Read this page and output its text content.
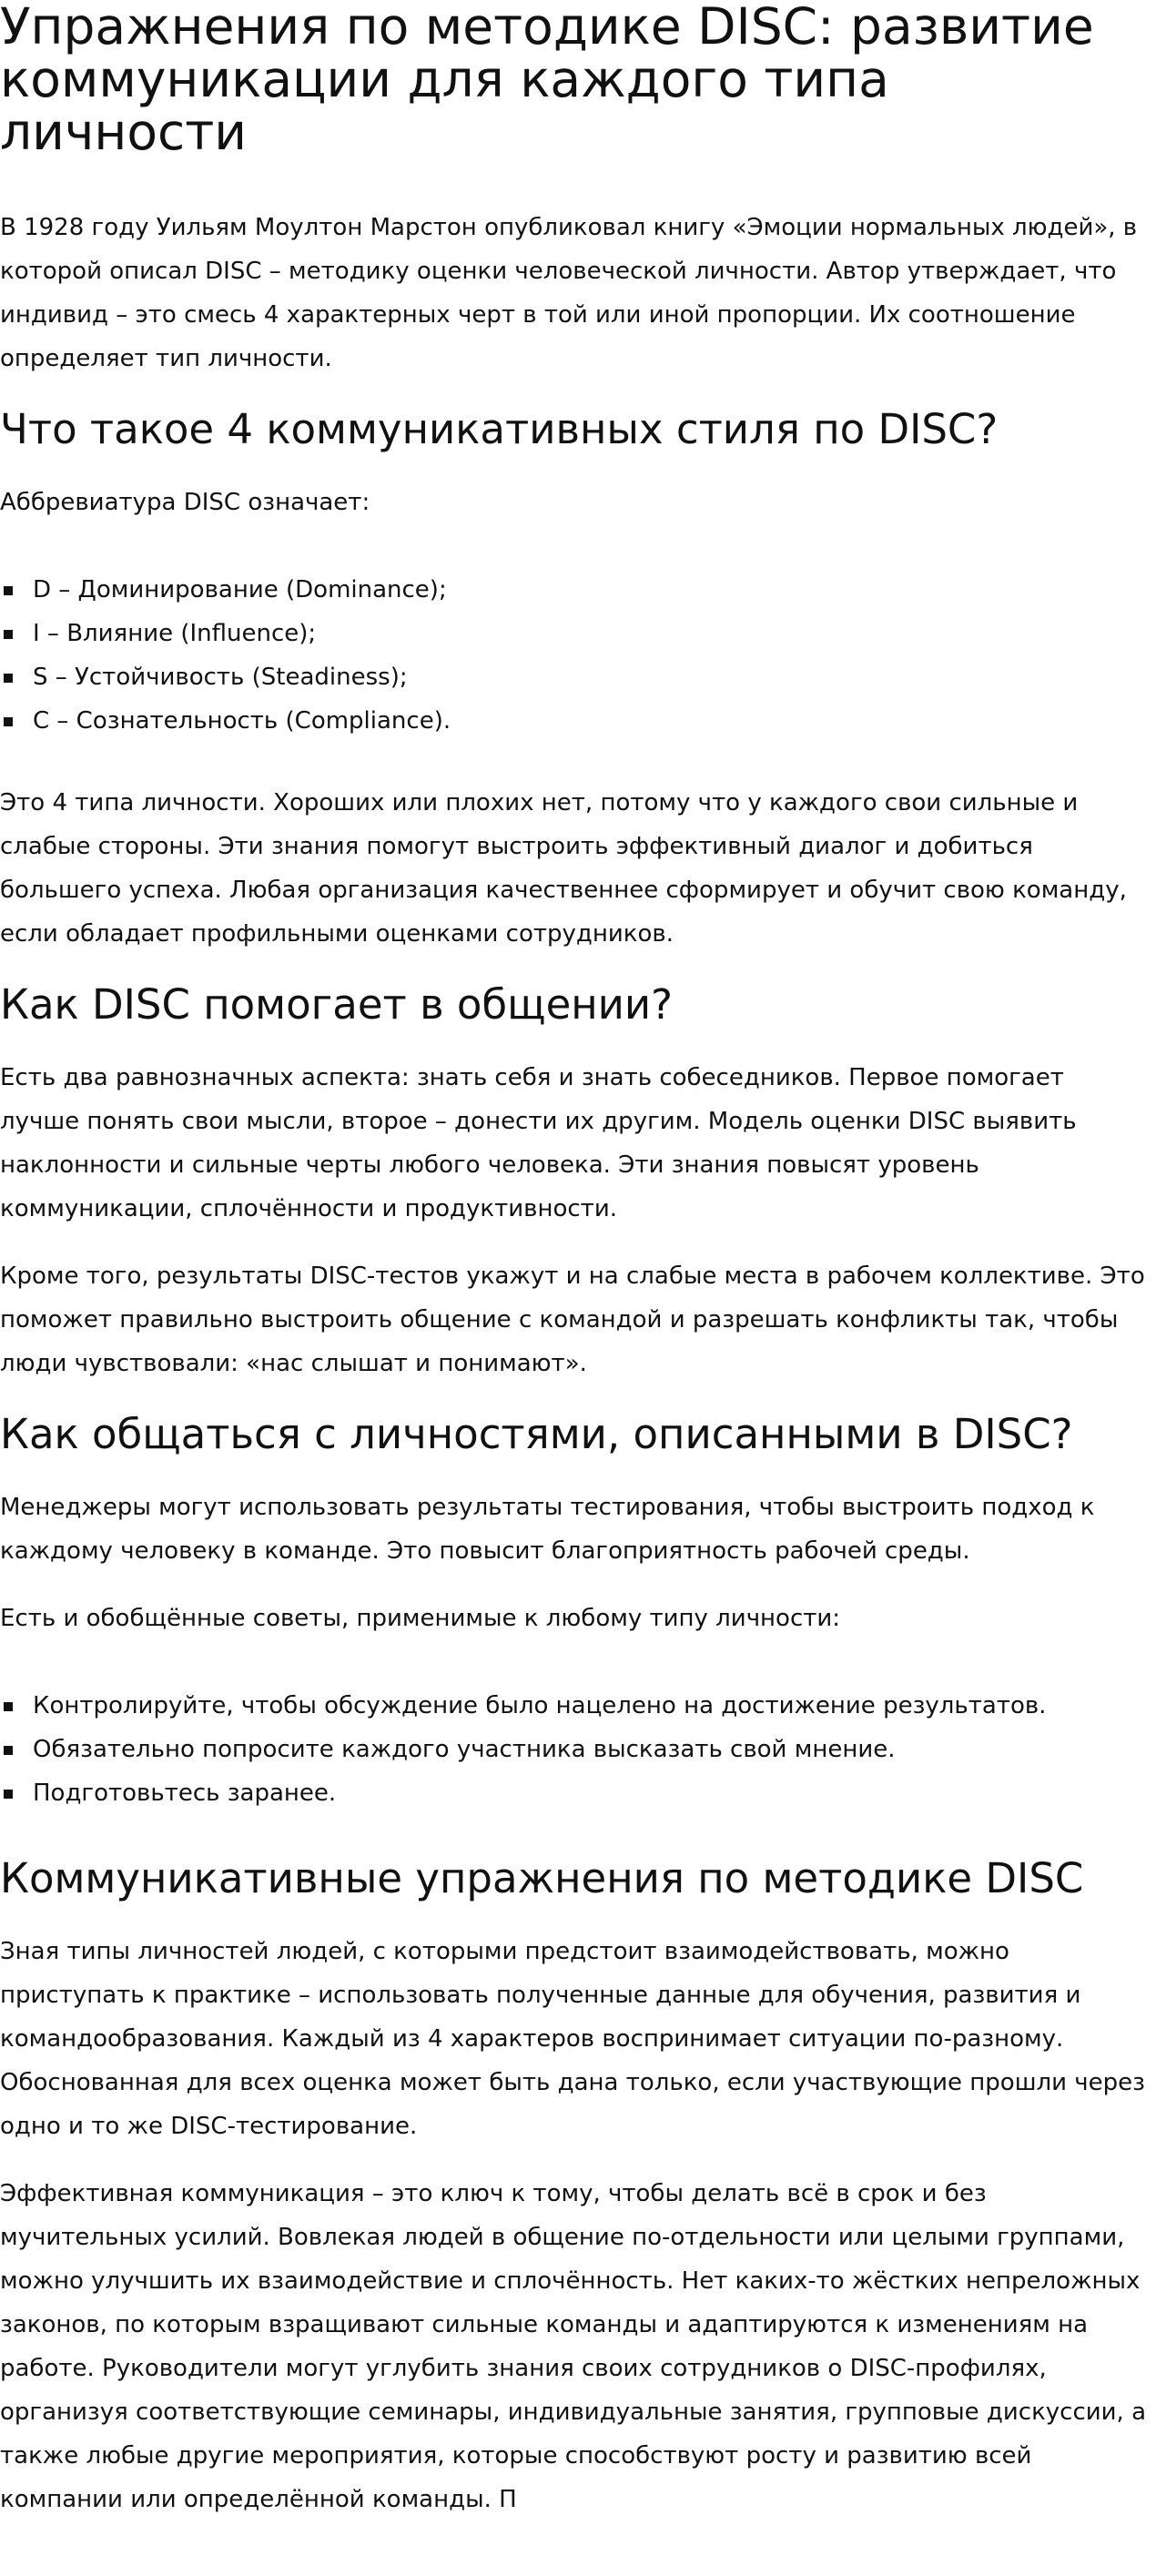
Упражнения по методике DISC: развитие коммуникации для каждого типа личности

В 1928 году Уильям Моултон Марстон опубликовал книгу «Эмоции нормальных людей», в которой описал DISC – методику оценки человеческой личности. Автор утверждает, что индивид – это смесь 4 характерных черт в той или иной пропорции. Их соотношение определяет тип личности.

Что такое 4 коммуникативных стиля по DISC?

Аббревиатура DISC означает:

D – Доминирование (Dominance);
I – Влияние (Influence);
S – Устойчивость (Steadiness);
C – Сознательность (Compliance).

Это 4 типа личности. Хороших или плохих нет, потому что у каждого свои сильные и слабые стороны. Эти знания помогут выстроить эффективный диалог и добиться большего успеха. Любая организация качественнее сформирует и обучит свою команду, если обладает профильными оценками сотрудников.

Как DISC помогает в общении?

Есть два равнозначных аспекта: знать себя и знать собеседников. Первое помогает лучше понять свои мысли, второе – донести их другим. Модель оценки DISC выявить наклонности и сильные черты любого человека. Эти знания повысят уровень коммуникации, сплочённости и продуктивности.

Кроме того, результаты DISC-тестов укажут и на слабые места в рабочем коллективе. Это поможет правильно выстроить общение с командой и разрешать конфликты так, чтобы люди чувствовали: «нас слышат и понимают».

Как общаться с личностями, описанными в DISC?

Менеджеры могут использовать результаты тестирования, чтобы выстроить подход к каждому человеку в команде. Это повысит благоприятность рабочей среды.

Есть и обобщённые советы, применимые к любому типу личности:

Контролируйте, чтобы обсуждение было нацелено на достижение результатов.
Обязательно попросите каждого участника высказать свой мнение.
Подготовьтесь заранее.
Коммуникативные упражнения по методике DISC

Зная типы личностей людей, с которыми предстоит взаимодействовать, можно приступать к практике – использовать полученные данные для обучения, развития и командообразования. Каждый из 4 характеров воспринимает ситуации по-разному. Обоснованная для всех оценка может быть дана только, если участвующие прошли через одно и то же DISC-тестирование.

Эффективная коммуникация – это ключ к тому, чтобы делать всё в срок и без мучительных усилий. Вовлекая людей в общение по-отдельности или целыми группами, можно улучшить их взаимодействие и сплочённость. Нет каких-то жёстких непреложных законов, по которым взращивают сильные команды и адаптируются к изменениям на работе. Руководители могут углубить знания своих сотрудников о DISC-профилях, организуя соответствующие семинары, индивидуальные занятия, групповые дискуссии, а также любые другие мероприятия, которые способствуют росту и развитию всей компании или определённой команды. П
